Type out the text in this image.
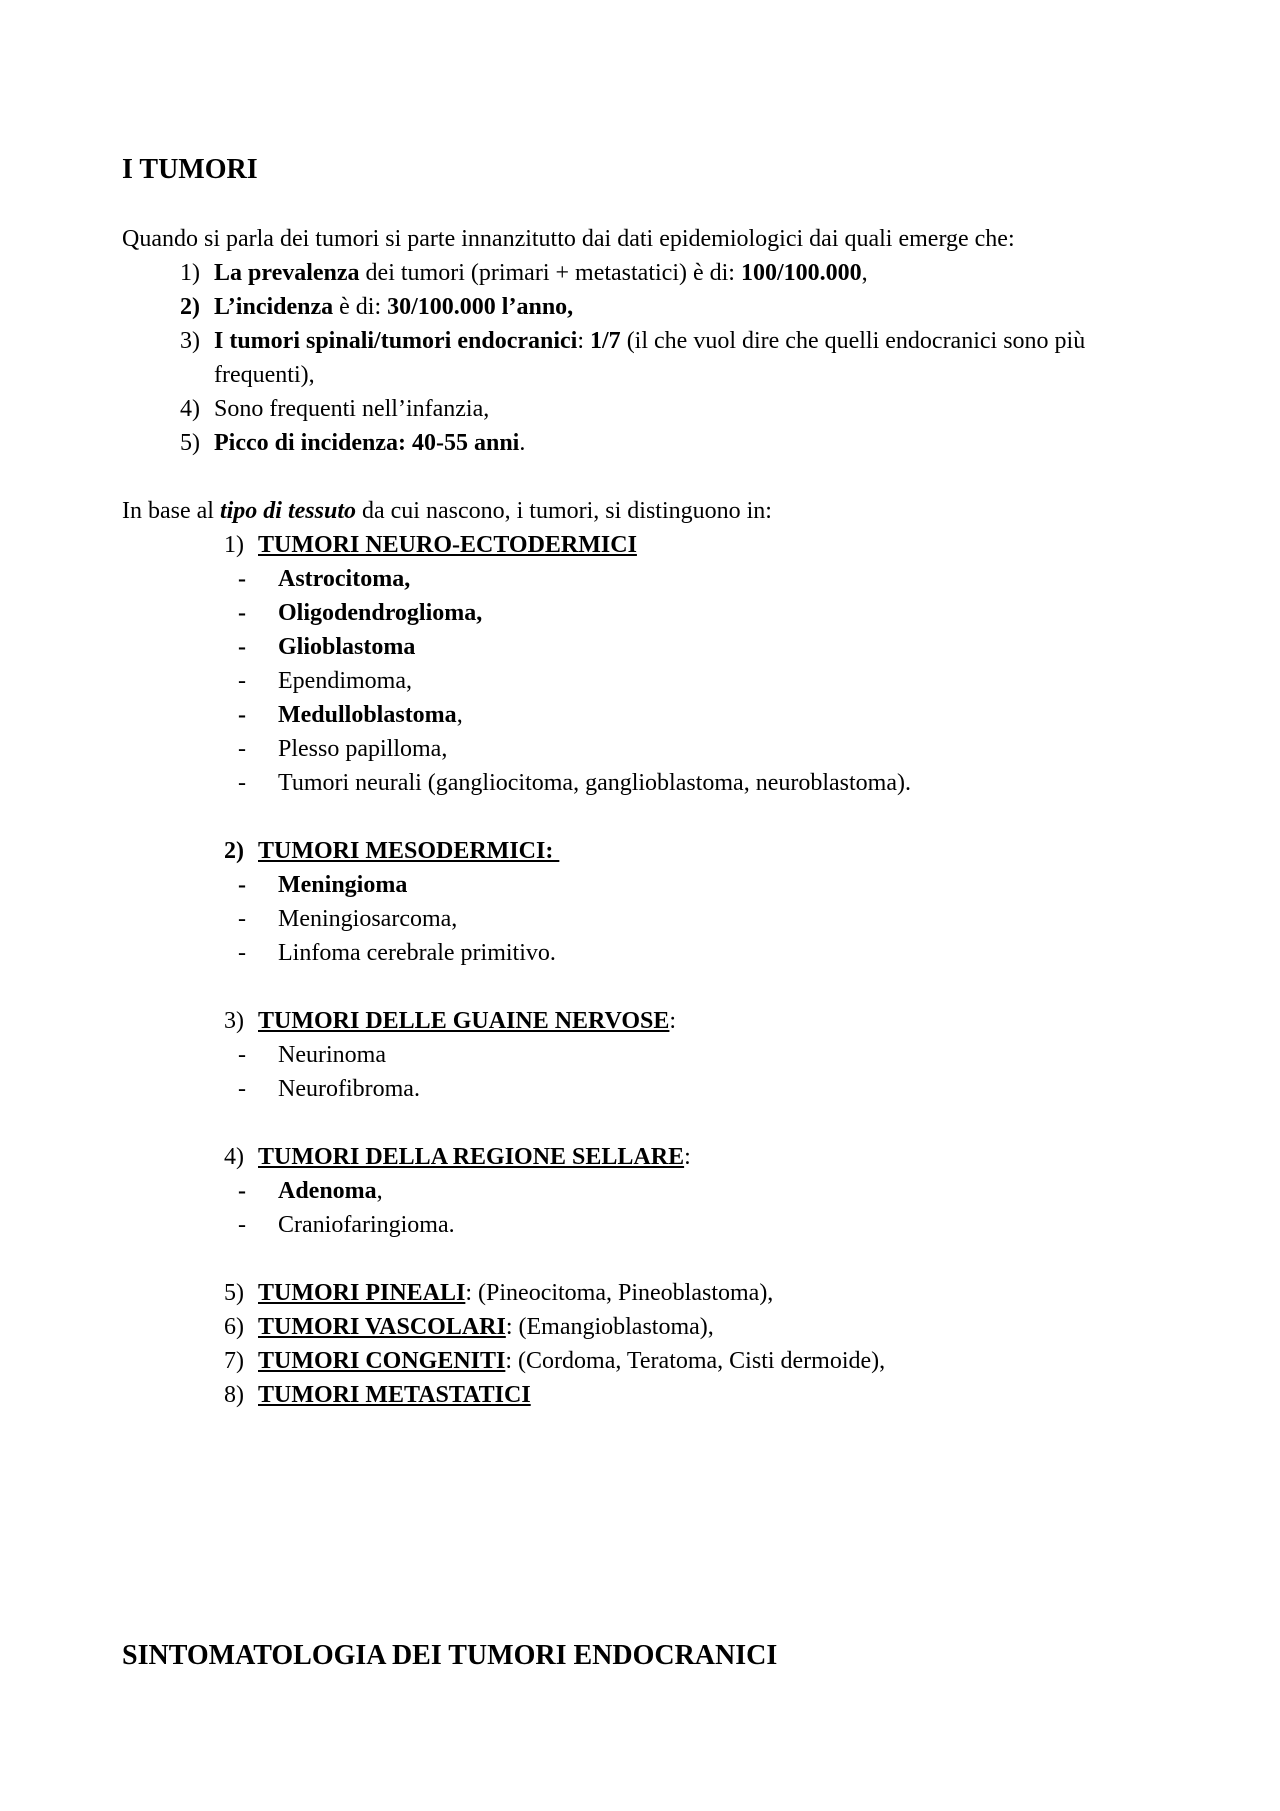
I TUMORI

Quando si parla dei tumori si parte innanzitutto dai dati epidemiologici dai quali emerge che:

1) La prevalenza dei tumori (primari + metastatici) è di: 100/100.000,
2) L’incidenza è di: 30/100.000 l’anno,
3) I tumori spinali/tumori endocranici: 1/7 (il che vuol dire che quelli endocranici sono più frequenti),
4) Sono frequenti nell’infanzia,
5) Picco di incidenza: 40-55 anni.

In base al tipo di tessuto da cui nascono, i tumori, si distinguono in:

1) TUMORI NEURO-ECTODERMICI
-	Astrocitoma,
-	Oligodendroglioma,
-	Glioblastoma
-	Ependimoma,
-	Medulloblastoma,
-	Plesso papilloma,
-	Tumori neurali (gangliocitoma, ganglioblastoma, neuroblastoma).
2) TUMORI MESODERMICI:
-	Meningioma
-	Meningiosarcoma,
-	Linfoma cerebrale primitivo.
3) TUMORI DELLE GUAINE NERVOSE:
-	Neurinoma
-	Neurofibroma.
4) TUMORI DELLA REGIONE SELLARE:
-	Adenoma,
-	Craniofaringioma.
5) TUMORI PINEALI: (Pineocitoma, Pineoblastoma),
6) TUMORI VASCOLARI: (Emangioblastoma),
7) TUMORI CONGENITI: (Cordoma, Teratoma, Cisti dermoide),
8) TUMORI METASTATICI
SINTOMATOLOGIA DEI TUMORI ENDOCRANICI
